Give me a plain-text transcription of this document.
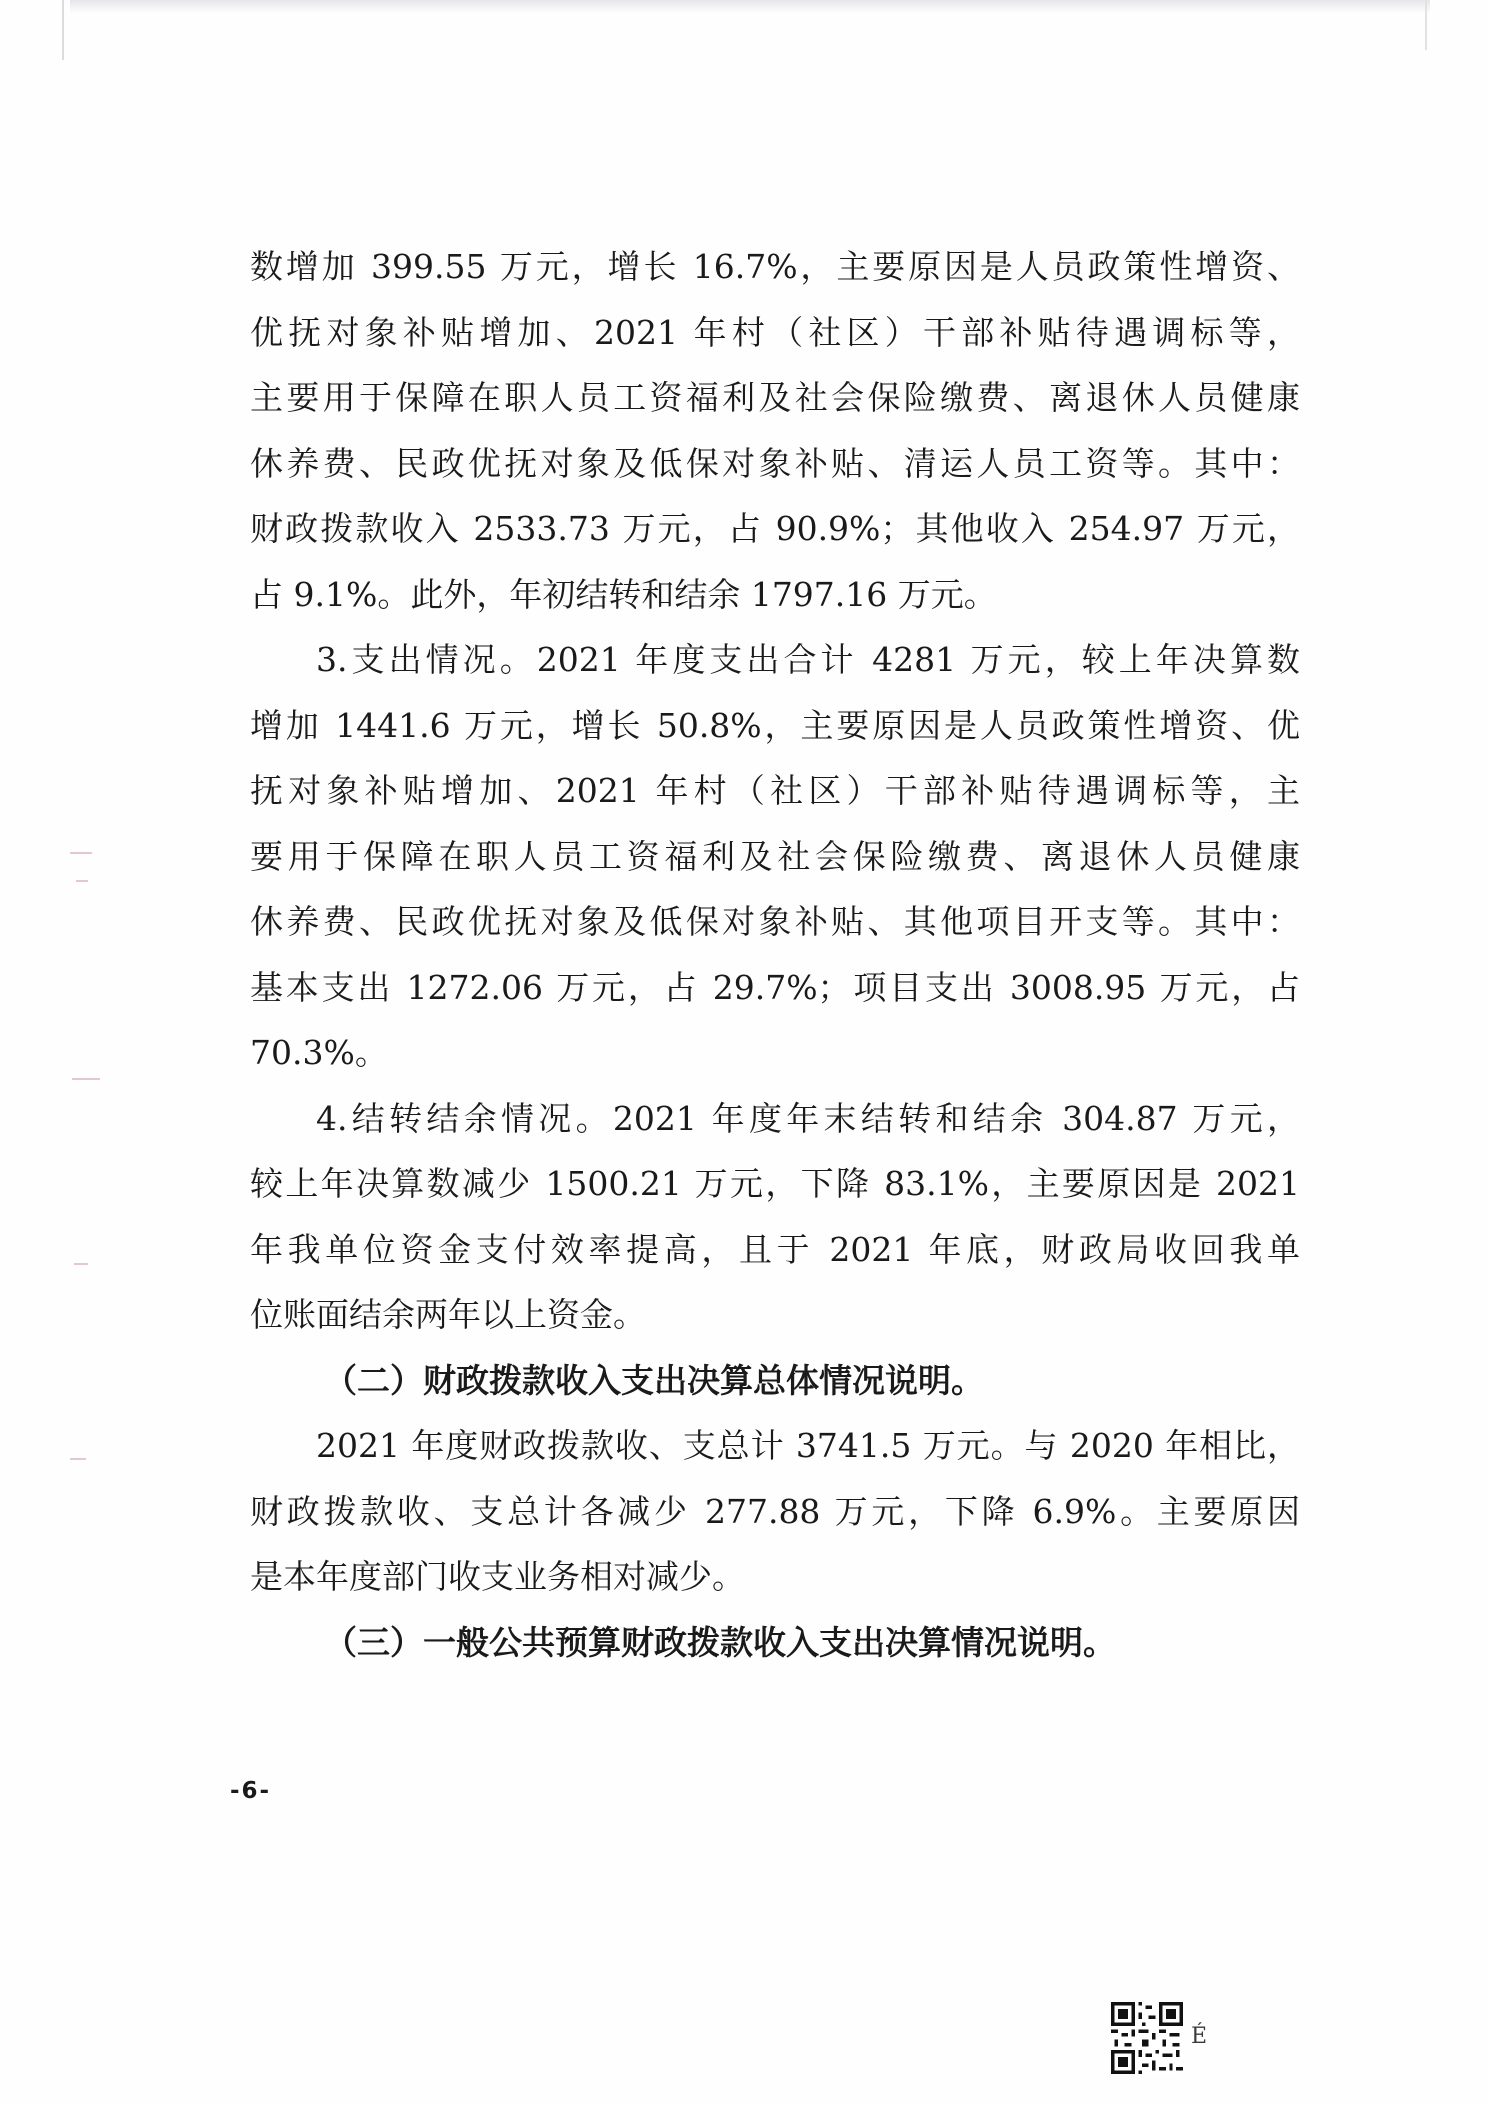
数增加 399.55 万元，增长 16.7%，主要原因是人员政策性增资、
优抚对象补贴增加、2021 年村（社区）干部补贴待遇调标等，
主要用于保障在职人员工资福利及社会保险缴费、离退休人员健康
休养费、民政优抚对象及低保对象补贴、清运人员工资等。其中：
财政拨款收入 2533.73 万元，占 90.9%；其他收入 254.97 万元，
占 9.1%。此外，年初结转和结余 1797.16 万元。
3.支出情况。2021 年度支出合计 4281 万元，较上年决算数
增加 1441.6 万元，增长 50.8%，主要原因是人员政策性增资、优
抚对象补贴增加、2021 年村（社区）干部补贴待遇调标等，主
要用于保障在职人员工资福利及社会保险缴费、离退休人员健康
休养费、民政优抚对象及低保对象补贴、其他项目开支等。其中：
基本支出 1272.06 万元，占 29.7%；项目支出 3008.95 万元，占
70.3%。
4.结转结余情况。2021 年度年末结转和结余 304.87 万元，
较上年决算数减少 1500.21 万元，下降 83.1%，主要原因是 2021
年我单位资金支付效率提高，且于 2021 年底，财政局收回我单
位账面结余两年以上资金。
（二）财政拨款收入支出决算总体情况说明。
2021 年度财政拨款收、支总计 3741.5 万元。与 2020 年相比，
财政拨款收、支总计各减少 277.88 万元，下降 6.9%。主要原因
是本年度部门收支业务相对减少。
（三）一般公共预算财政拨款收入支出决算情况说明。
-6-
É
